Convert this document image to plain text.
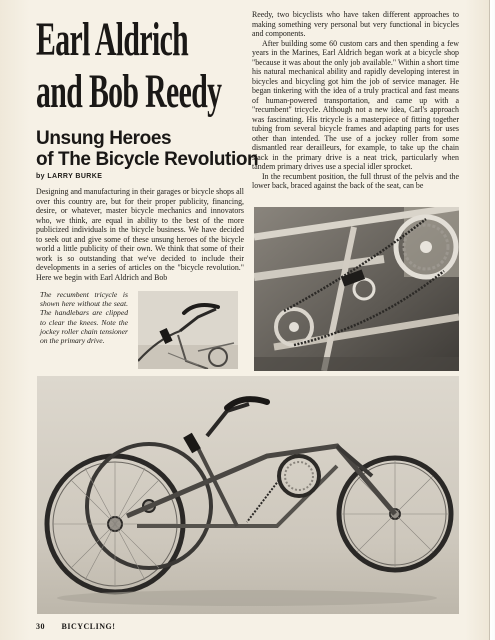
Earl Aldrich
and Bob Reedy
Unsung Heroes
of The Bicycle Revolution
by LARRY BURKE

Designing and manufacturing in their garages or bicycle shops all over this country are, but for their proper publicity, financing, desire, or whatever, master bicycle mechanics and innovators who, we think, are equal in ability to the best of the more publicized individuals in the bicycle business. We have decided to seek out and give some of these unsung heroes of the bicycle world a little publicity of their own. We think that some of their work is so outstanding that we've decided to include their developments in a series of articles on the "bicycle revolution." Here we begin with Earl Aldrich and Bob

Reedy, two bicyclists who have taken different approaches to making something very personal but very functional in bicycles and components.

After building some 60 custom cars and then spending a few years in the Marines, Earl Aldrich began work at a bicycle shop "because it was about the only job available." Within a short time his natural mechanical ability and rapidly developing interest in bicycles and bicycling got him the job of service manager. He began tinkering with the idea of a truly practical and fast means of human-powered transportation, and came up with a "recumbent" tricycle. Although not a new idea, Carl's approach was fascinating. His tricycle is a masterpiece of fitting together tubing from several bicycle frames and adapting parts for uses other than intended. The use of a jockey roller from some dismantled rear derailleurs, for example, to take up the chain slack in the primary drive is a neat trick, particularly when tandem primary drives use a special idler sprocket.

In the recumbent position, the full thrust of the pelvis and the lower back, braced against the back of the seat, can be

The recumbent tricycle is shown here without the seat. The handlebars are clipped to clear the knees. Note the jockey roller chain tensioner on the primary drive.
30 BICYCLING!
